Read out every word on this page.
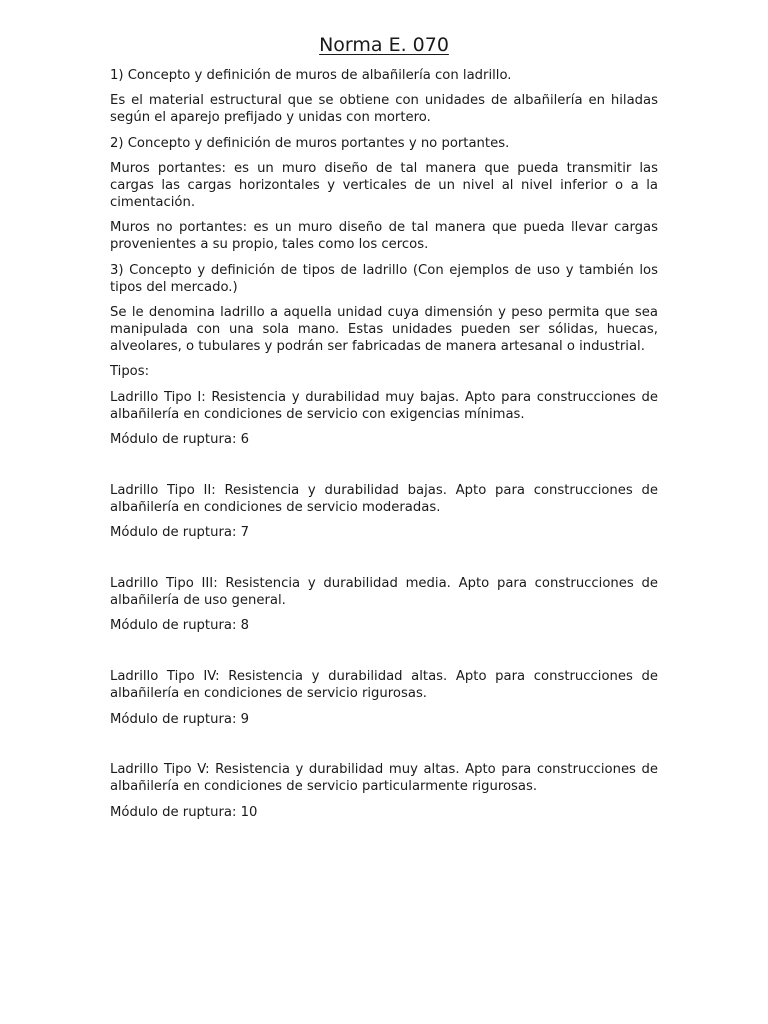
Norma E. 070

1) Concepto y definición de muros de albañilería con ladrillo.

Es el material estructural que se obtiene con unidades de albañilería en hiladas según el aparejo prefijado y unidas con mortero.

2) Concepto y definición de muros portantes y no portantes.

Muros portantes: es un muro diseño de tal manera que pueda transmitir las cargas las cargas horizontales y verticales de un nivel al nivel inferior o a la cimentación.

Muros no portantes: es un muro diseño de tal manera que pueda llevar cargas provenientes a su propio, tales como los cercos.

3) Concepto y definición de tipos de ladrillo (Con ejemplos de uso y también los tipos del mercado.)

Se le denomina ladrillo a aquella unidad cuya dimensión y peso permita que sea manipulada con una sola mano. Estas unidades pueden ser sólidas, huecas, alveolares, o tubulares y podrán ser fabricadas de manera artesanal o industrial.

Tipos:

Ladrillo Tipo I: Resistencia y durabilidad muy bajas. Apto para construcciones de albañilería en condiciones de servicio con exigencias mínimas.

Módulo de ruptura: 6

Ladrillo Tipo II: Resistencia y durabilidad bajas. Apto para construcciones de albañilería en condiciones de servicio moderadas.

Módulo de ruptura: 7

Ladrillo Tipo III: Resistencia y durabilidad media. Apto para construcciones de albañilería de uso general.

Módulo de ruptura: 8

Ladrillo Tipo IV: Resistencia y durabilidad altas. Apto para construcciones de albañilería en condiciones de servicio rigurosas.

Módulo de ruptura: 9

Ladrillo Tipo V: Resistencia y durabilidad muy altas. Apto para construcciones de albañilería en condiciones de servicio particularmente rigurosas.

Módulo de ruptura: 10
